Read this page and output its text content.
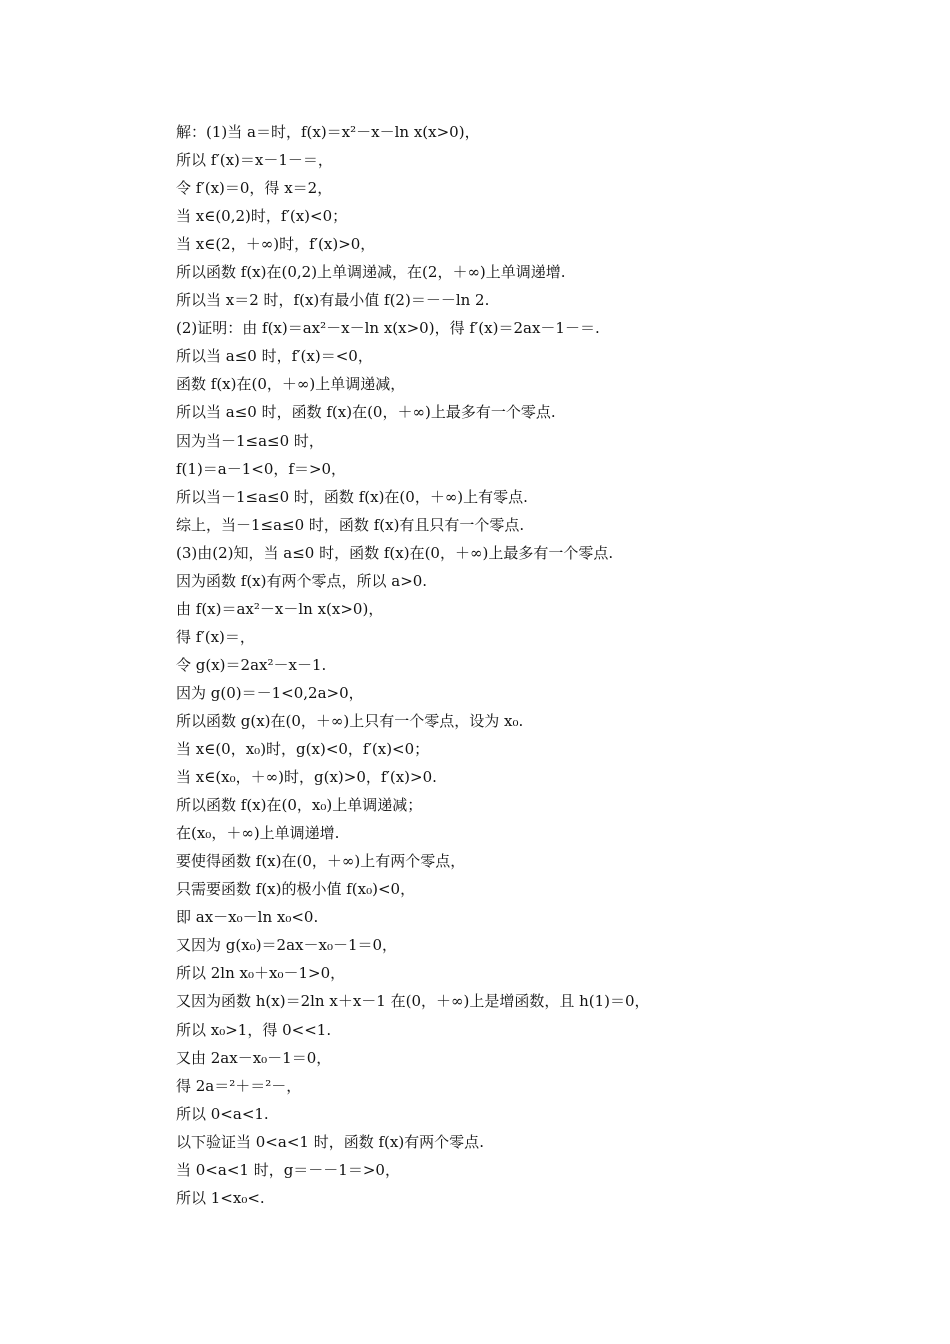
解：(1)当 a＝时，f(x)＝x²－x－ln x(x>0)，
所以 f′(x)＝x－1－＝，
令 f′(x)＝0，得 x＝2，
当 x∈(0,2)时，f′(x)<0；
当 x∈(2，＋∞)时，f′(x)>0，
所以函数 f(x)在(0,2)上单调递减，在(2，＋∞)上单调递增.
所以当 x＝2 时，f(x)有最小值 f(2)＝－－ln 2.
(2)证明：由 f(x)＝ax²－x－ln x(x>0)，得 f′(x)＝2ax－1－＝.
所以当 a≤0 时，f′(x)＝<0，
函数 f(x)在(0，＋∞)上单调递减，
所以当 a≤0 时，函数 f(x)在(0，＋∞)上最多有一个零点.
因为当－1≤a≤0 时，
f(1)＝a－1<0，f＝>0，
所以当－1≤a≤0 时，函数 f(x)在(0，＋∞)上有零点.
综上，当－1≤a≤0 时，函数 f(x)有且只有一个零点.
(3)由(2)知，当 a≤0 时，函数 f(x)在(0，＋∞)上最多有一个零点.
因为函数 f(x)有两个零点，所以 a>0.
由 f(x)＝ax²－x－ln x(x>0)，
得 f′(x)＝，
令 g(x)＝2ax²－x－1.
因为 g(0)＝－1<0,2a>0，
所以函数 g(x)在(0，＋∞)上只有一个零点，设为 x₀.
当 x∈(0，x₀)时，g(x)<0，f′(x)<0；
当 x∈(x₀，＋∞)时，g(x)>0，f′(x)>0.
所以函数 f(x)在(0，x₀)上单调递减；
在(x₀，＋∞)上单调递增.
要使得函数 f(x)在(0，＋∞)上有两个零点，
只需要函数 f(x)的极小值 f(x₀)<0，
即 ax－x₀－ln x₀<0.
又因为 g(x₀)＝2ax－x₀－1＝0，
所以 2ln x₀＋x₀－1>0，
又因为函数 h(x)＝2ln x＋x－1 在(0，＋∞)上是增函数，且 h(1)＝0，
所以 x₀>1，得 0<<1.
又由 2ax－x₀－1＝0，
得 2a＝²＋＝²－，
所以 0<a<1.
以下验证当 0<a<1 时，函数 f(x)有两个零点.
当 0<a<1 时，g＝－－1＝>0，
所以 1<x₀<.
